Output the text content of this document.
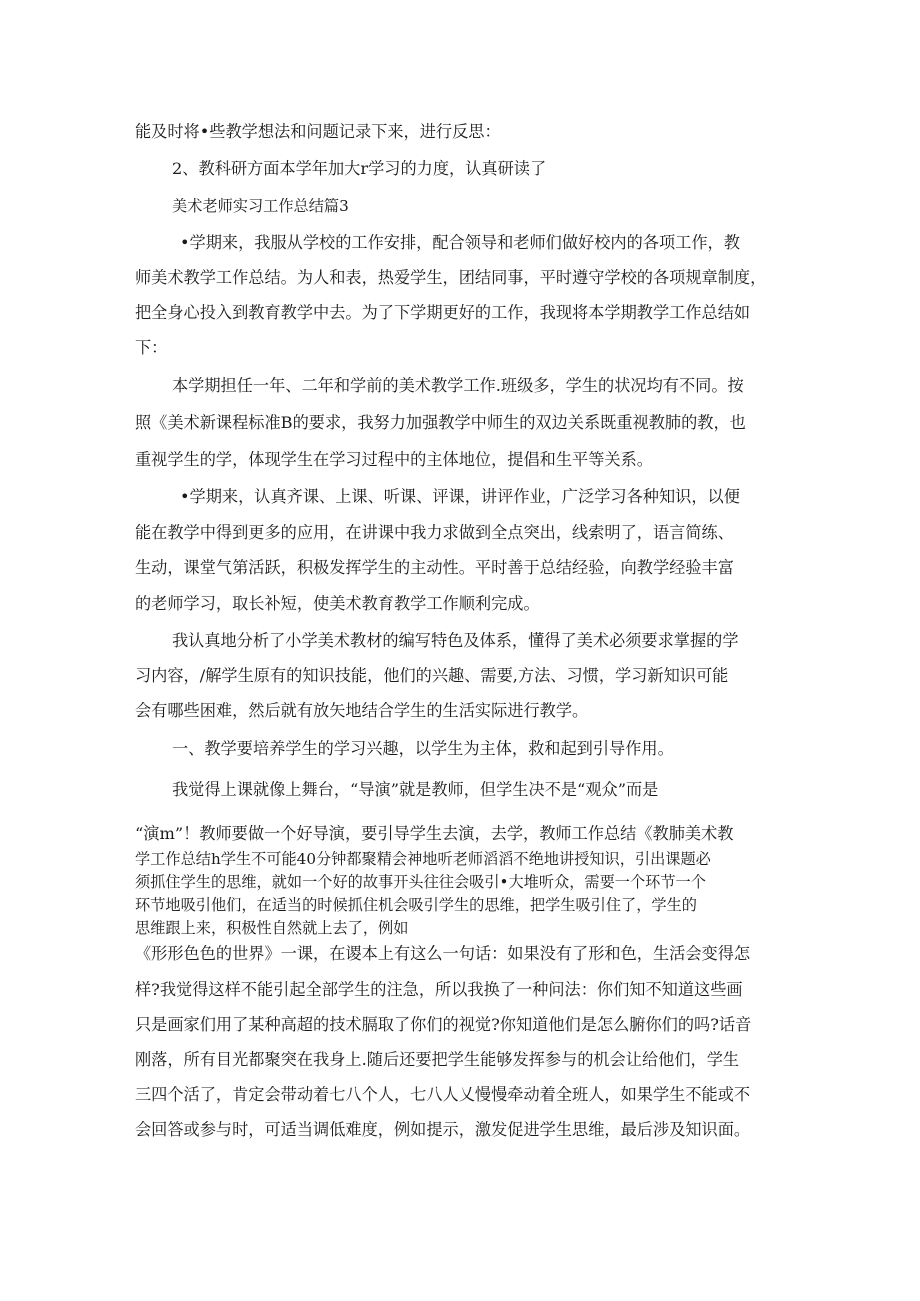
能及时将•些教学想法和问题记录下来，进行反思：

2、教科研方面本学年加大r学习的力度，认真研读了

美术老师实习工作总结篇3

•学期来，我服从学校的工作安排，配合领导和老师们做好校内的各项工作，教

师美术教学工作总结。为人和表，热爱学生，团结同事，平时遵守学校的各项规章制度，

把全身心投入到教育教学中去。为了下学期更好的工作，我现将本学期教学工作总结如

下：

本学期担任一年、二年和学前的美术教学工作.班级多，学生的状况均有不同。按

照《美术新课程标准B的要求，我努力加强教学中师生的双边关系既重视教肺的教，也

重视学生的学，体现学生在学习过程中的主体地位，提倡和生平等关系。

•学期来，认真齐课、上课、听课、评课，讲评作业，广泛学习各种知识，以便

能在教学中得到更多的应用，在讲课中我力求做到全点突出，线索明了，语言简练、

生动，课堂气第活跃，积极发挥学生的主动性。平时善于总结经验，向教学经验丰富

的老师学习，取长补短，使美术教育教学工作顺利完成。

我认真地分析了小学美术教材的编写特色及体系，懂得了美术必须要求掌握的学

习内容，/解学生原有的知识技能，他们的兴趣、需要,方法、习惯，学习新知识可能

会有哪些困难，然后就有放矢地结合学生的生活实际进行教学。

一、教学要培养学生的学习兴趣，以学生为主体，救和起到引导作用。

我觉得上课就像上舞台，“导演”就是教师，但学生决不是“观众”而是

“演m”！教师要做一个好导演，要引导学生去演，去学，教师工作总结《教肺美术教

学工作总结h学生不可能40分钟都聚精会神地听老师滔滔不绝地讲授知识，引出课题必

须抓住学生的思维，就如一个好的故事开头往往会吸引•大堆听众，需要一个环节一个

环节地吸引他们，在适当的时候抓住机会吸引学生的思维，把学生吸引住了，学生的

思维跟上来，积极性自然就上去了，例如

《形形色色的世界》一课，在谡本上有这么一句话：如果没有了形和色，生活会变得怎

样?我觉得这样不能引起全部学生的注急，所以我换了一种问法：你们知不知道这些画

只是画家们用了某种高超的技术膈取了你们的视觉?你知道他们是怎么腑你们的吗?话音

刚落，所有目光都聚突在我身上.随后还要把学生能够发挥参与的机会让给他们，学生

三四个活了，肯定会带动着七八个人，七八人乂慢慢牵动着全班人，如果学生不能或不

会回答或参与时，可适当调低难度，例如提示，激发促进学生思维，最后涉及知识面。
